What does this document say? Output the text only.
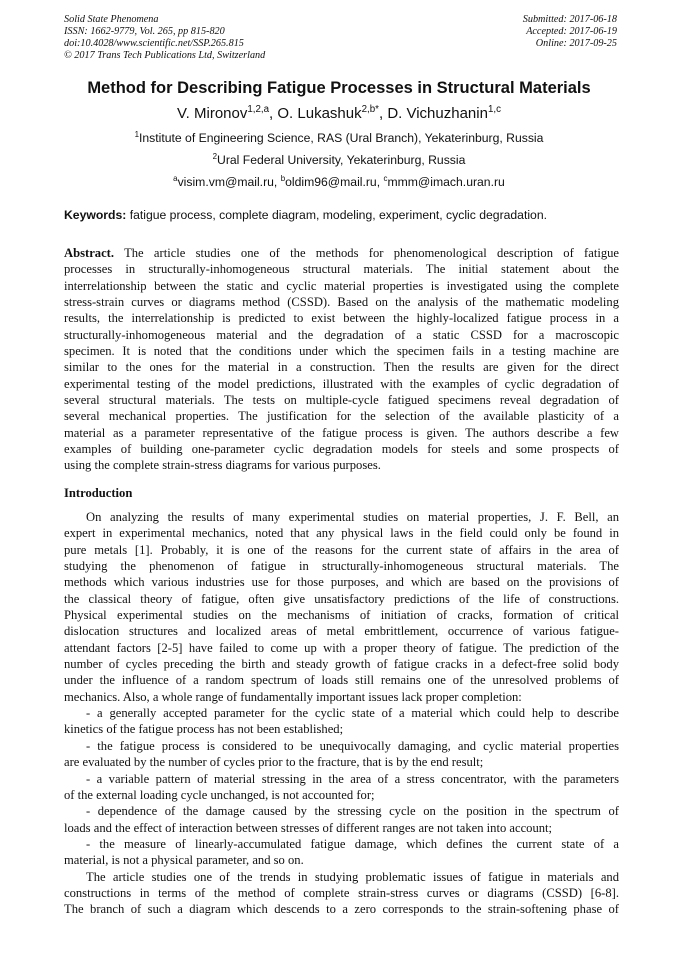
Solid State Phenomena
ISSN: 1662-9779, Vol. 265, pp 815-820
doi:10.4028/www.scientific.net/SSP.265.815
© 2017 Trans Tech Publications Ltd, Switzerland
Submitted: 2017-06-18
Accepted: 2017-06-19
Online: 2017-09-25
Method for Describing Fatigue Processes in Structural Materials
V. Mironov$^{1,2,a}$, O. Lukashuk$^{2,b*}$, D. Vichuzhanin$^{1,c}$
$^1$Institute of Engineering Science, RAS (Ural Branch), Yekaterinburg, Russia
$^2$Ural Federal University, Yekaterinburg, Russia
$^a$visim.vm@mail.ru, $^b$oldim96@mail.ru, $^c$mmm@imach.uran.ru
Keywords: fatigue process, complete diagram, modeling, experiment, cyclic degradation.
Abstract. The article studies one of the methods for phenomenological description of fatigue
processes in structurally-inhomogeneous structural materials. The initial statement about the
interrelationship between the static and cyclic material properties is investigated using the complete
stress-strain curves or diagrams method (CSSD). Based on the analysis of the mathematic modeling
results, the interrelationship is predicted to exist between the highly-localized fatigue process in a
structurally-inhomogeneous material and the degradation of a static CSSD for a macroscopic
specimen. It is noted that the conditions under which the specimen fails in a testing machine are
similar to the ones for the material in a construction. Then the results are given for the direct
experimental testing of the model predictions, illustrated with the examples of cyclic degradation of
several structural materials. The tests on multiple-cycle fatigued specimens reveal degradation of
several mechanical properties. The justification for the selection of the available plasticity of a
material as a parameter representative of the fatigue process is given. The authors describe a few
examples of building one-parameter cyclic degradation models for steels and some prospects of
using the complete strain-stress diagrams for various purposes.
Introduction
On analyzing the results of many experimental studies on material properties, J. F. Bell, an
expert in experimental mechanics, noted that any physical laws in the field could only be found in
pure metals [1]. Probably, it is one of the reasons for the current state of affairs in the area of
studying the phenomenon of fatigue in structurally-inhomogeneous structural materials. The
methods which various industries use for those purposes, and which are based on the provisions of
the classical theory of fatigue, often give unsatisfactory predictions of the life of constructions.
Physical experimental studies on the mechanisms of initiation of cracks, formation of critical
dislocation structures and localized areas of metal embrittlement, occurrence of various fatigue-
attendant factors [2-5] have failed to come up with a proper theory of fatigue. The prediction of the
number of cycles preceding the birth and steady growth of fatigue cracks in a defect-free solid body
under the influence of a random spectrum of loads still remains one of the unresolved problems of
mechanics. Also, a whole range of fundamentally important issues lack proper completion:
- a generally accepted parameter for the cyclic state of a material which could help to describe
kinetics of the fatigue process has not been established;
- the fatigue process is considered to be unequivocally damaging, and cyclic material properties
are evaluated by the number of cycles prior to the fracture, that is by the end result;
- a variable pattern of material stressing in the area of a stress concentrator, with the parameters
of the external loading cycle unchanged, is not accounted for;
- dependence of the damage caused by the stressing cycle on the position in the spectrum of
loads and the effect of interaction between stresses of different ranges are not taken into account;
- the measure of linearly-accumulated fatigue damage, which defines the current state of a
material, is not a physical parameter, and so on.
The article studies one of the trends in studying problematic issues of fatigue in materials and
constructions in terms of the method of complete strain-stress curves or diagrams (CSSD) [6-8].
The branch of such a diagram which descends to a zero corresponds to the strain-softening phase of
